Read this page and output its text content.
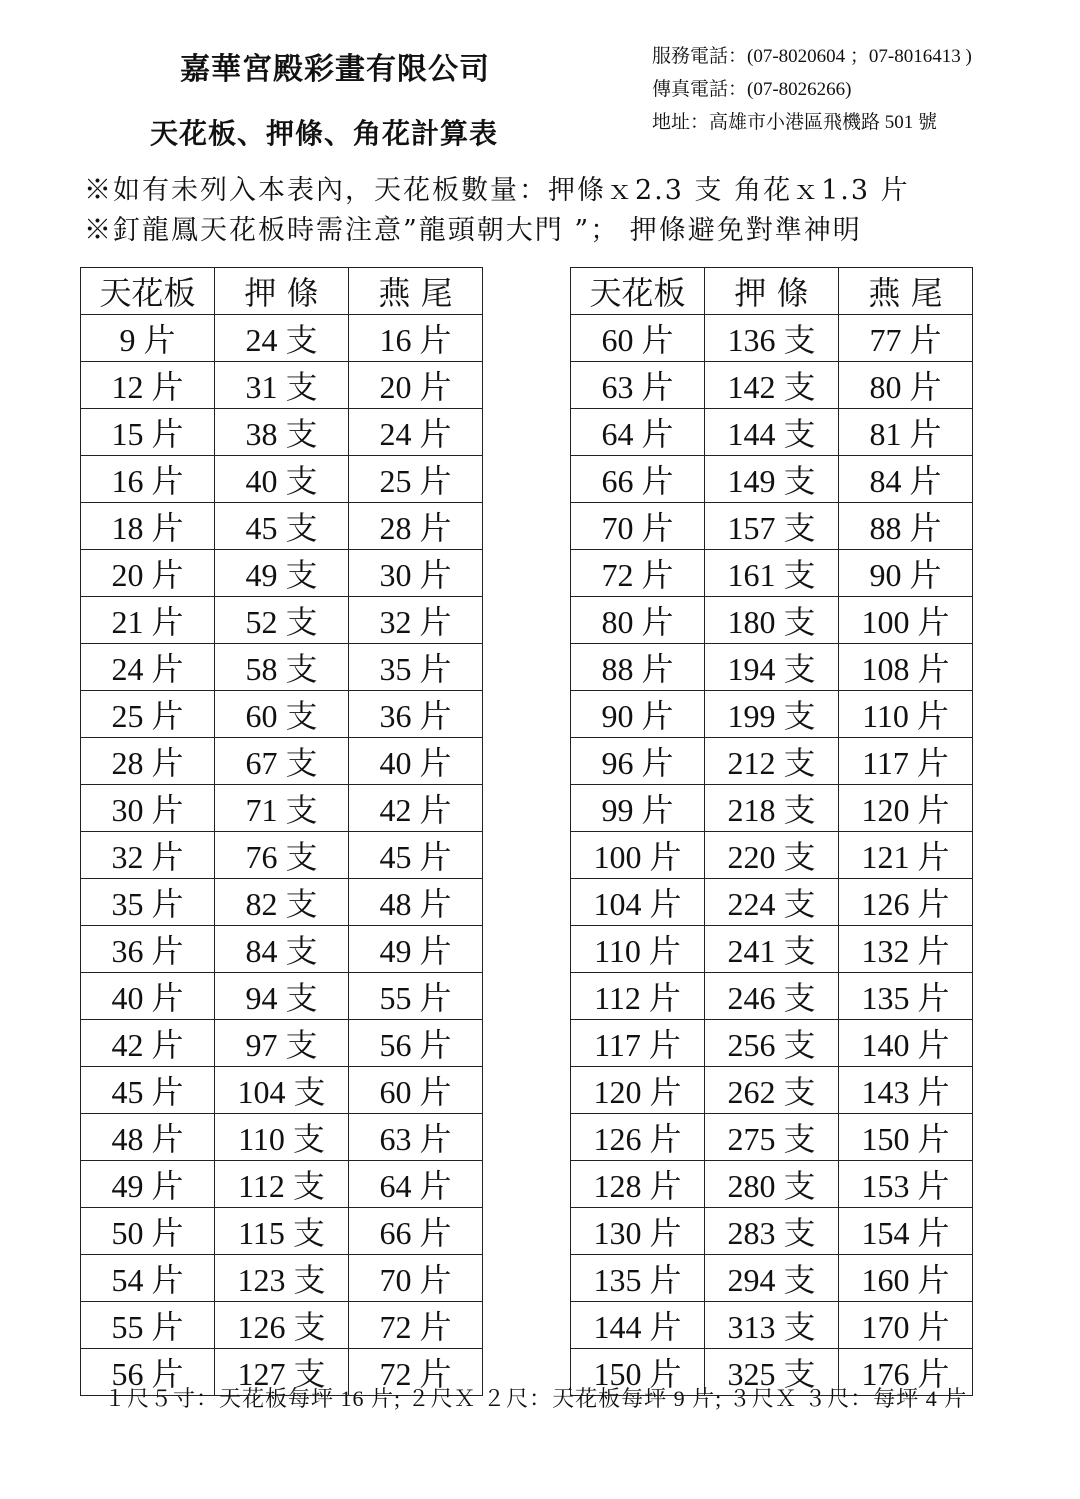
嘉華宮殿彩畫有限公司
天花板、押條、角花計算表
服務電話：(07-8020604 ；07-8016413 )
傳真電話：(07-8026266)
地址：高雄市小港區飛機路 501 號
※如有未列入本表內，天花板數量：押條ｘ2.3 支 角花ｘ1.3 片
※釘龍鳳天花板時需注意”龍頭朝大門 ”； 押條避免對準神明
天花板	押 條	燕 尾
9 片	24 支	16 片
12 片	31 支	20 片
15 片	38 支	24 片
16 片	40 支	25 片
18 片	45 支	28 片
20 片	49 支	30 片
21 片	52 支	32 片
24 片	58 支	35 片
25 片	60 支	36 片
28 片	67 支	40 片
30 片	71 支	42 片
32 片	76 支	45 片
35 片	82 支	48 片
36 片	84 支	49 片
40 片	94 支	55 片
42 片	97 支	56 片
45 片	104 支	60 片
48 片	110 支	63 片
49 片	112 支	64 片
50 片	115 支	66 片
54 片	123 支	70 片
55 片	126 支	72 片
56 片	127 支	72 片
天花板	押 條	燕 尾
60 片	136 支	77 片
63 片	142 支	80 片
64 片	144 支	81 片
66 片	149 支	84 片
70 片	157 支	88 片
72 片	161 支	90 片
80 片	180 支	100 片
88 片	194 支	108 片
90 片	199 支	110 片
96 片	212 支	117 片
99 片	218 支	120 片
100 片	220 支	121 片
104 片	224 支	126 片
110 片	241 支	132 片
112 片	246 支	135 片
117 片	256 支	140 片
120 片	262 支	143 片
126 片	275 支	150 片
128 片	280 支	153 片
130 片	283 支	154 片
135 片	294 支	160 片
144 片	313 支	170 片
150 片	325 支	176 片
１尺５寸：天花板每坪 16 片; ２尺Ｘ ２尺：天花板每坪 9 片; ３尺Ｘ ３尺：每坪 4 片
